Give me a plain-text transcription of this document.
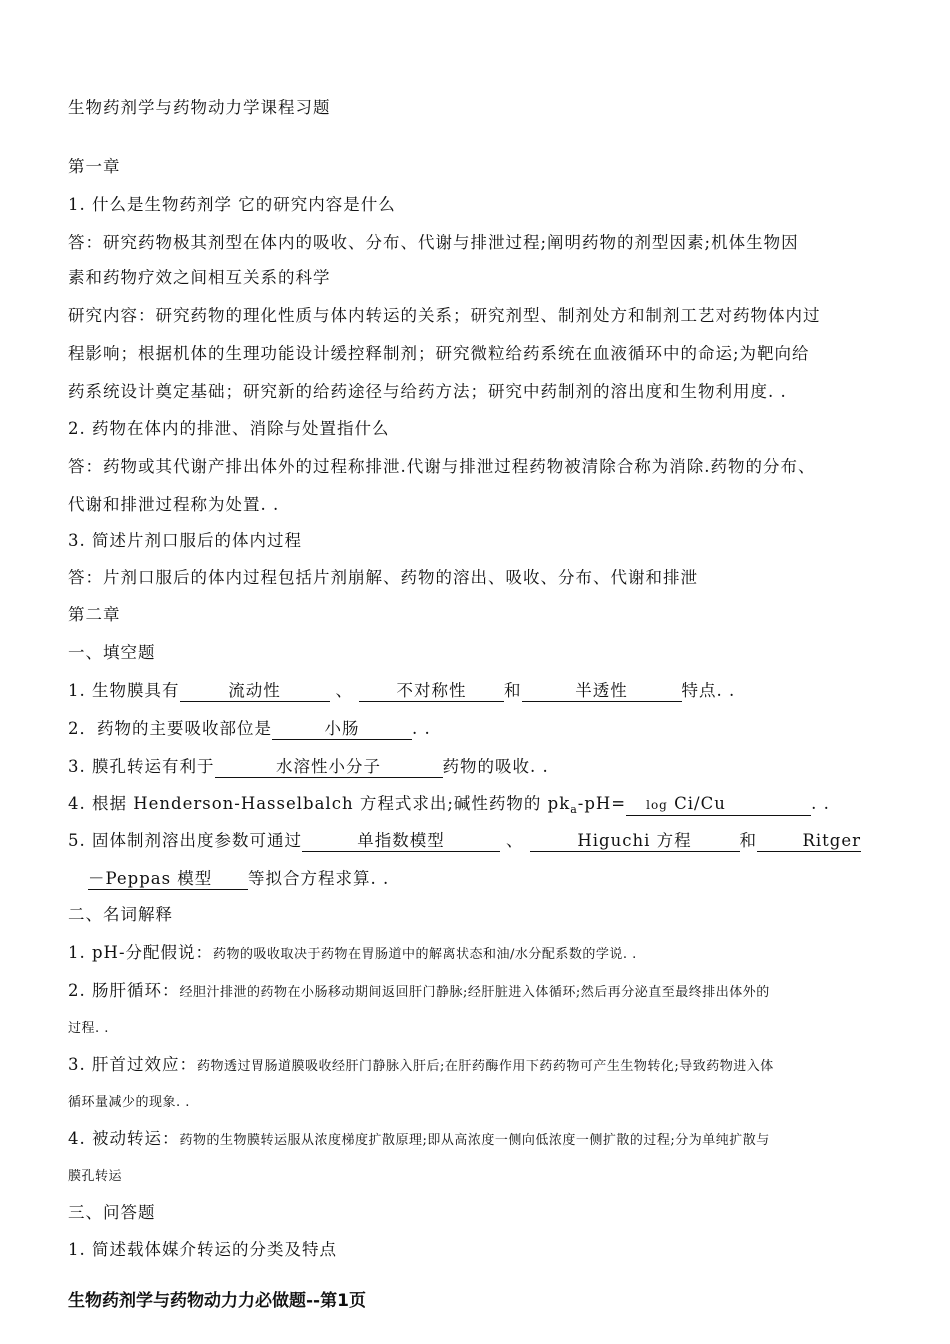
生物药剂学与药物动力学课程习题
第一章
1. 什么是生物药剂学 它的研究内容是什么
答：研究药物极其剂型在体内的吸收、分布、代谢与排泄过程;阐明药物的剂型因素;机体生物因
素和药物疗效之间相互关系的科学
研究内容：研究药物的理化性质与体内转运的关系；研究剂型、制剂处方和制剂工艺对药物体内过
程影响；根据机体的生理功能设计缓控释制剂；研究微粒给药系统在血液循环中的命运;为靶向给
药系统设计奠定基础；研究新的给药途径与给药方法；研究中药制剂的溶出度和生物利用度. .
2. 药物在体内的排泄、消除与处置指什么
答：药物或其代谢产排出体外的过程称排泄.代谢与排泄过程药物被清除合称为消除.药物的分布、
代谢和排泄过程称为处置. .
3. 简述片剂口服后的体内过程
答：片剂口服后的体内过程包括片剂崩解、药物的溶出、吸收、分布、代谢和排泄
第二章
一、填空题
1. 生物膜具有	流动性	、	不对称性 和	半透性	特点. .
2．药物的主要吸收部位是	小肠	. .
3. 膜孔转运有利于	水溶性小分子	药物的吸收. .
4. 根据 Henderson-Hasselbalch 方程式求出;碱性药物的 $pk_a-pH= \log Ci/Cu$	. .
5. 固体制剂溶出度参数可通过	单指数模型	、	Higuchi 方程	和	Ritger
－Peppas 模型 等拟合方程求算. .
二、名词解释
1. pH-分配假说：药物的吸收取决于药物在胃肠道中的解离状态和油/水分配系数的学说. .
2. 肠肝循环：经胆汁排泄的药物在小肠移动期间返回肝门静脉;经肝脏进入体循环;然后再分泌直至最终排出体外的
过程. .
3. 肝首过效应：药物透过胃肠道膜吸收经肝门静脉入肝后;在肝药酶作用下药药物可产生生物转化;导致药物进入体
循环量减少的现象. .
4. 被动转运：药物的生物膜转运服从浓度梯度扩散原理;即从高浓度一侧向低浓度一侧扩散的过程;分为单纯扩散与
膜孔转运
三、问答题
1. 简述载体媒介转运的分类及特点
生物药剂学与药物动力力必做题--第1页
